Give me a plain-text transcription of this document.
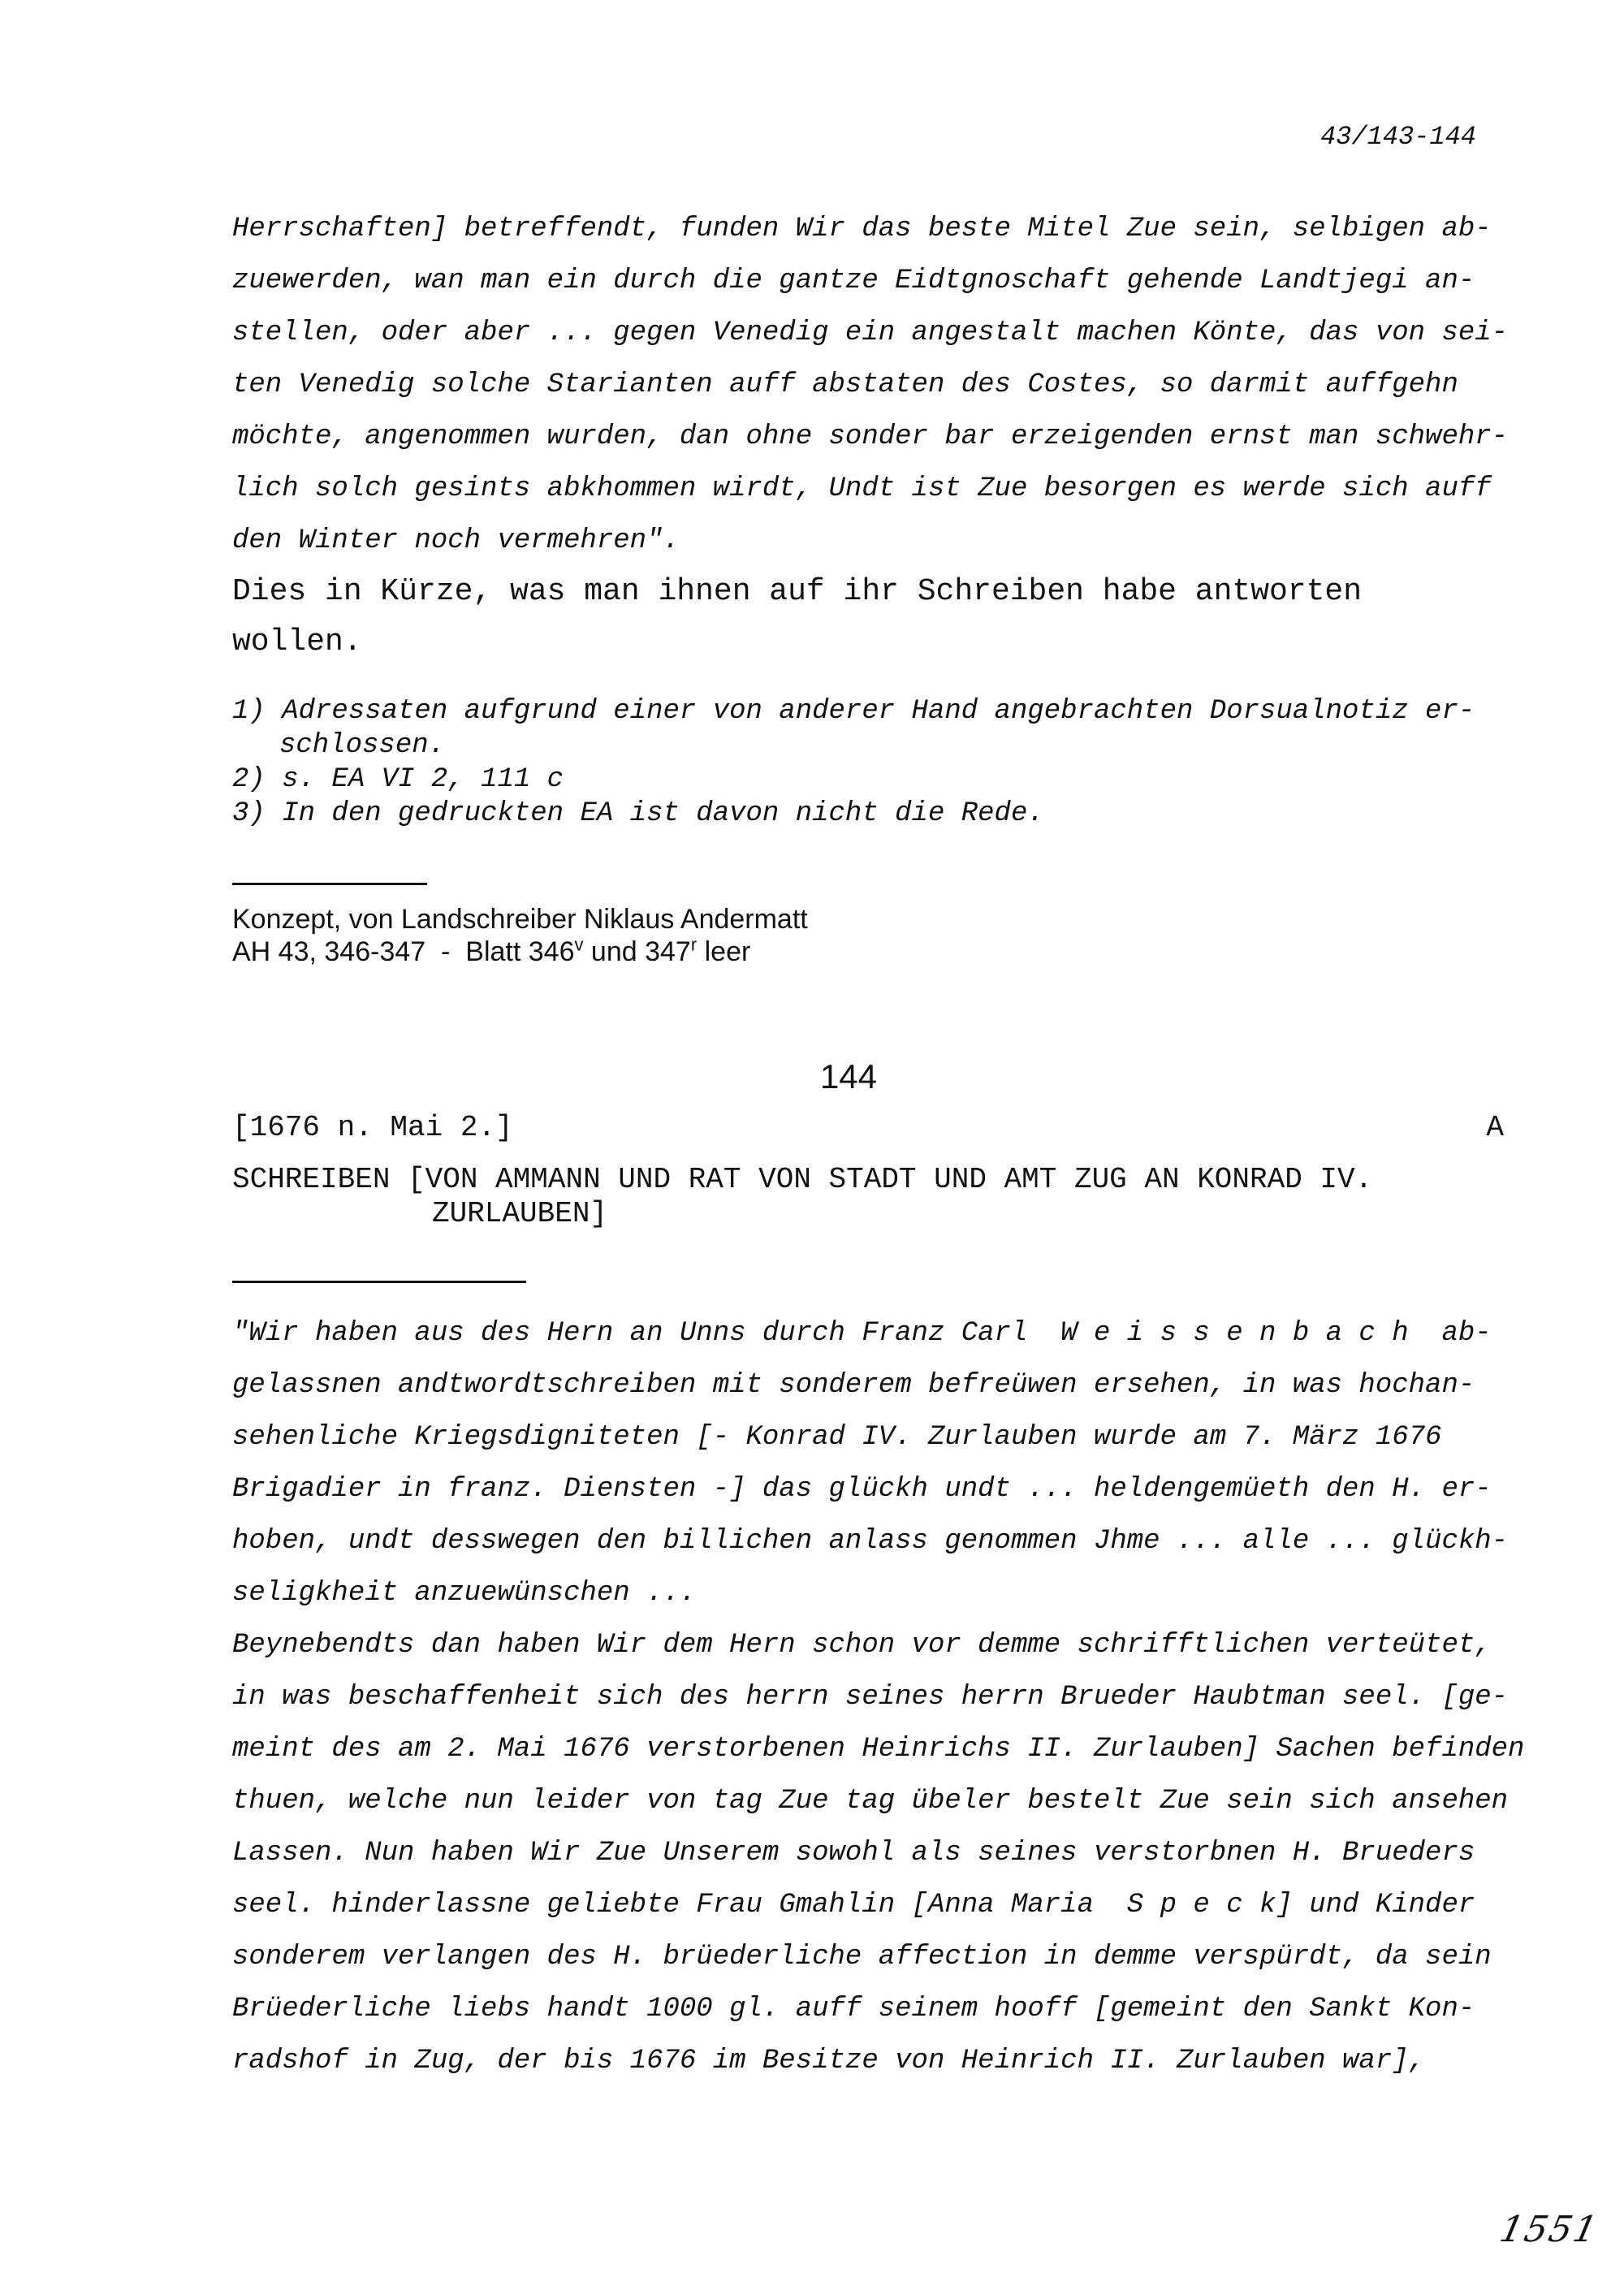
43/143-144
Herrschaften] betreffendt, funden Wir das beste Mitel Zue sein, selbigen ab-
zuewerden, wan man ein durch die gantze Eidtgnoschaft gehende Landtjegi an-
stellen, oder aber ... gegen Venedig ein angestalt machen Könte, das von sei-
ten Venedig solche Starianten auff abstaten des Costes, so darmit auffgehn
möchte, angenommen wurden, dan ohne sonder bar erzeigenden ernst man schwehr-
lich solch gesints abkhommen wirdt, Undt ist Zue besorgen es werde sich auff
den Winter noch vermehren".
Dies in Kürze, was man ihnen auf ihr Schreiben habe antworten
wollen.
1) Adressaten aufgrund einer von anderer Hand angebrachten Dorsualnotiz er-
schlossen.
2) s. EA VI 2, 111 c
3) In den gedruckten EA ist davon nicht die Rede.
Konzept, von Landschreiber Niklaus Andermatt
AH 43, 346-347  -  Blatt 346$^v$ und 347$^r$ leer
144
[1676 n. Mai 2.]	A
SCHREIBEN [VON AMMANN UND RAT VON STADT UND AMT ZUG AN KONRAD IV.
ZURLAUBEN]
"Wir haben aus des Hern an Unns durch Franz Carl  W e i s s e n b a c h  ab-
gelassnen andtwordtschreiben mit sonderem befreüwen ersehen, in was hochan-
sehenliche Kriegsdigniteten [- Konrad IV. Zurlauben wurde am 7. März 1676
Brigadier in franz. Diensten -] das glückh undt ... heldengemüeth den H. er-
hoben, undt desswegen den billichen anlass genommen Jhme ... alle ... glückh-
seligkheit anzuewünschen ...
Beynebendts dan haben Wir dem Hern schon vor demme schrifftlichen verteütet,
in was beschaffenheit sich des herrn seines herrn Brueder Haubtman seel. [ge-
meint des am 2. Mai 1676 verstorbenen Heinrichs II. Zurlauben] Sachen befinden
thuen, welche nun leider von tag Zue tag übeler bestelt Zue sein sich ansehen
Lassen. Nun haben Wir Zue Unserem sowohl als seines verstorbnen H. Brueders
seel. hinderlassne geliebte Frau Gmahlin [Anna Maria  S p e c k] und Kinder
sonderem verlangen des H. brüederliche affection in demme verspürdt, da sein
Brüederliche liebs handt 1000 gl. auff seinem hooff [gemeint den Sankt Kon-
radshof in Zug, der bis 1676 im Besitze von Heinrich II. Zurlauben war],
1551
